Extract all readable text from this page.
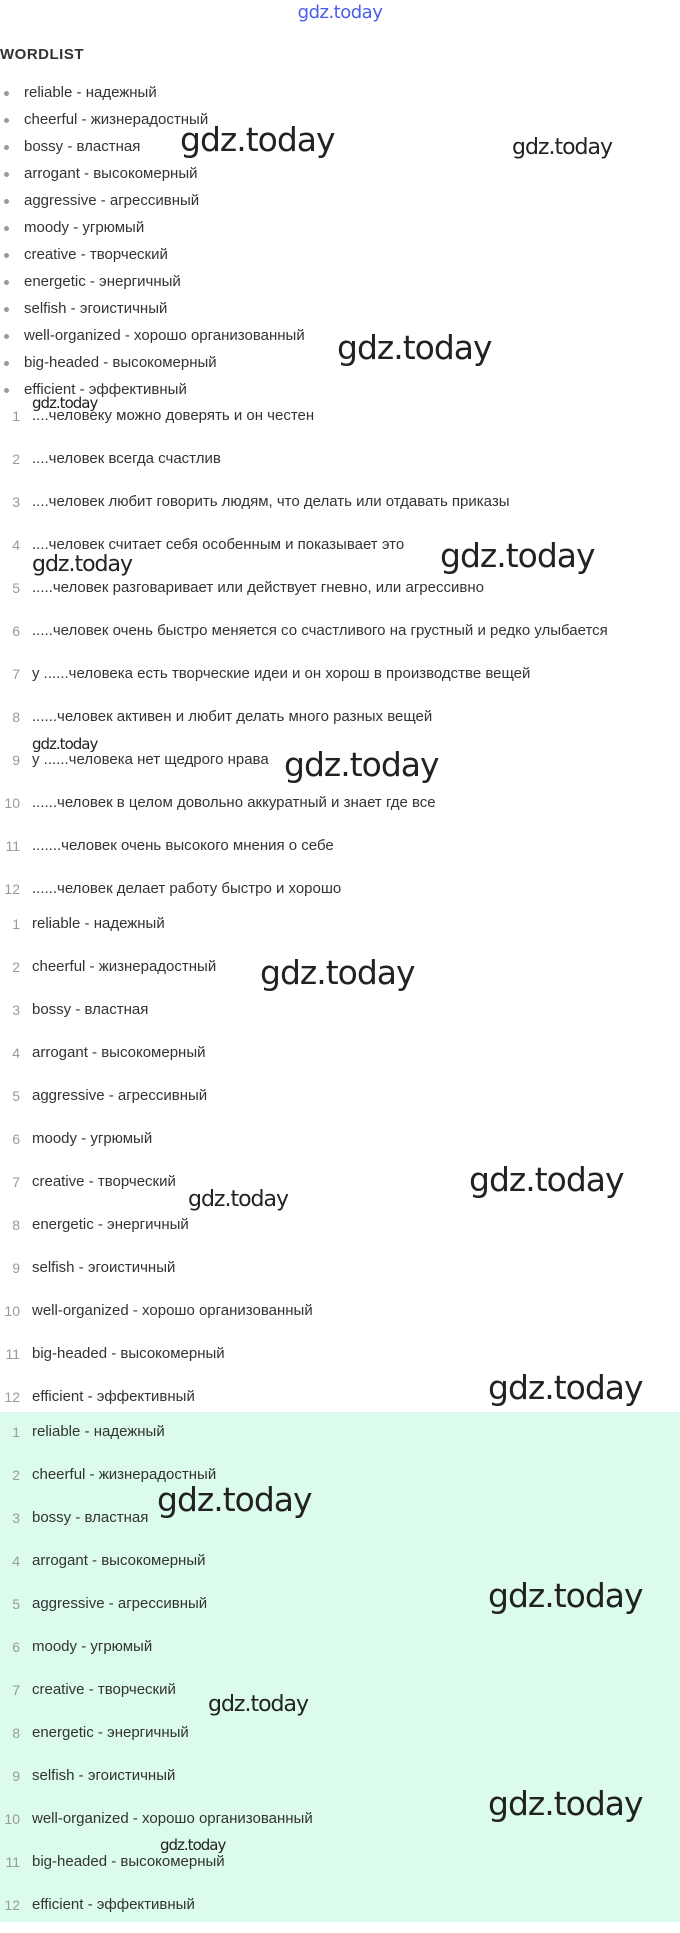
gdz.today
WORDLIST
reliable - надежный
cheerful - жизнерадостный
bossy - властная
arrogant - высокомерный
aggressive - агрессивный
moody - угрюмый
creative - творческий
energetic - энергичный
selfish - эгоистичный
well-organized - хорошо организованный
big-headed - высокомерный
efficient - эффективный
1 ....человеку можно доверять и он честен
2 ....человек всегда счастлив
3 ....человек любит говорить людям, что делать или отдавать приказы
4 ....человек считает себя особенным и показывает это
5 .....человек разговаривает или действует гневно, или агрессивно
6 .....человек очень быстро меняется со счастливого на грустный и редко улыбается
7 у ......человека есть творческие идеи и он хорош в производстве вещей
8 ......человек активен и любит делать много разных вещей
9 у ......человека нет щедрого нрава
10 ......человек в целом довольно аккуратный и знает где все
11 .......человек очень высокого мнения о себе
12 ......человек делает работу быстро и хорошо
1 reliable - надежный
2 cheerful - жизнерадостный
3 bossy - властная
4 arrogant - высокомерный
5 aggressive - агрессивный
6 moody - угрюмый
7 creative - творческий
8 energetic - энергичный
9 selfish - эгоистичный
10 well-organized - хорошо организованный
11 big-headed - высокомерный
12 efficient - эффективный
1 reliable - надежный
2 cheerful - жизнерадостный
3 bossy - властная
4 arrogant - высокомерный
5 aggressive - агрессивный
6 moody - угрюмый
7 creative - творческий
8 energetic - энергичный
9 selfish - эгоистичный
10 well-organized - хорошо организованный
11 big-headed - высокомерный
12 efficient - эффективный
gdz.today	gdz.today
gdz.today
gdz.today
gdz.today
gdz.today
gdz.today
gdz.today
gdz.today
gdz.today
gdz.today
gdz.today
gdz.today
gdz.today
gdz.today
gdz.today
gdz.today
